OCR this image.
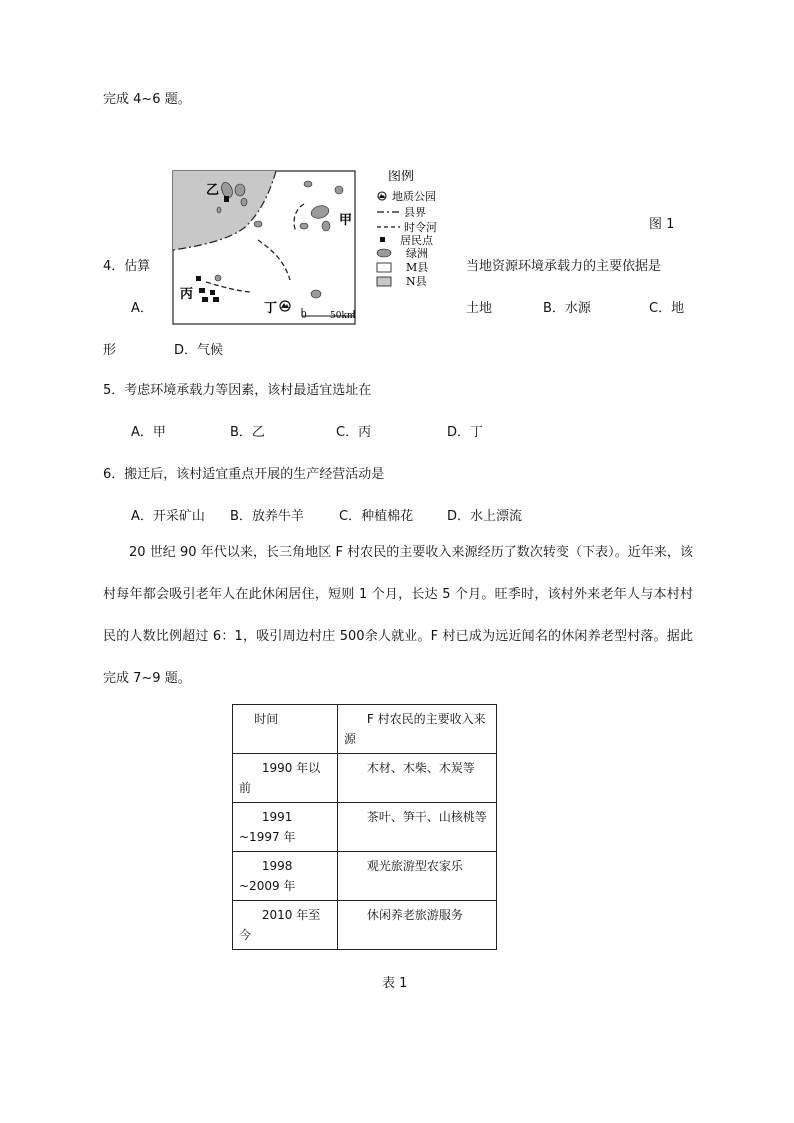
完成 4~6 题。
乙
甲
丙
丁	0	50km
图例
地质公园
县界
时令河
居民点
绿洲
M县
N县
图 1
4．估算	当地资源环境承载力的主要依据是
A．	土地	B．水源	C．地
形	D．气候
5．考虑环境承载力等因素，该村最适宜选址在
A．甲	B．乙	C．丙	D．丁
6．搬迁后，该村适宜重点开展的生产经营活动是
A．开采矿山 B．放养牛羊	C．种植棉花	D．水上漂流
20 世纪 90 年代以来，长三角地区 F 村农民的主要收入来源经历了数次转变（下表）。近年来，该村每年都会吸引老年人在此休闲居住，短则 1 个月，长达 5 个月。旺季时，该村外来老年人与本村村民的人数比例超过 6：1，吸引周边村庄 500余人就业。F 村已成为远近闻名的休闲养老型村落。据此完成 7~9 题。
时间	F 村农民的主要收入来源
1990 年以前	木材、木柴、木炭等
1991    ~1997 年	茶叶、笋干、山核桃等
1998    ~2009 年	观光旅游型农家乐
2010 年至今	休闲养老旅游服务
表 1
